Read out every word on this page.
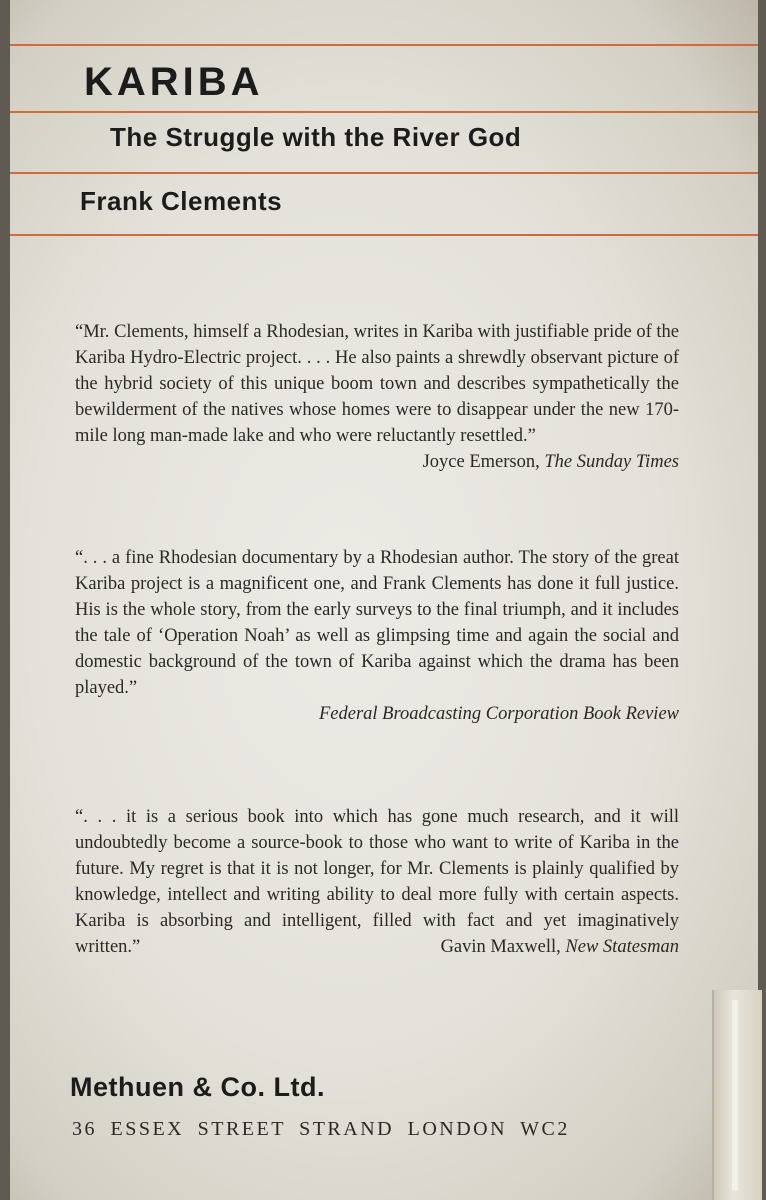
KARIBA
The Struggle with the River God
Frank Clements
“Mr. Clements, himself a Rhodesian, writes in Kariba with justifiable pride of the Kariba Hydro-Electric project. . . . He also paints a shrewdly observant picture of the hybrid society of this unique boom town and describes sympathetically the bewilderment of the natives whose homes were to disappear under the new 170-mile long man-made lake and who were reluctantly resettled.”
Joyce Emerson, The Sunday Times
“. . . a fine Rhodesian documentary by a Rhodesian author. The story of the great Kariba project is a magnificent one, and Frank Clements has done it full justice. His is the whole story, from the early surveys to the final triumph, and it includes the tale of ‘Operation Noah’ as well as glimpsing time and again the social and domestic background of the town of Kariba against which the drama has been played.”
Federal Broadcasting Corporation Book Review
“. . . it is a serious book into which has gone much research, and it will undoubtedly become a source-book to those who want to write of Kariba in the future. My regret is that it is not longer, for Mr. Clements is plainly qualified by knowledge, intellect and writing ability to deal more fully with certain aspects. Kariba is absorbing and intelligent, filled with fact and yet imaginatively written.”	Gavin Maxwell, New Statesman
Methuen & Co. Ltd.
36 ESSEX STREET STRAND LONDON WC2
